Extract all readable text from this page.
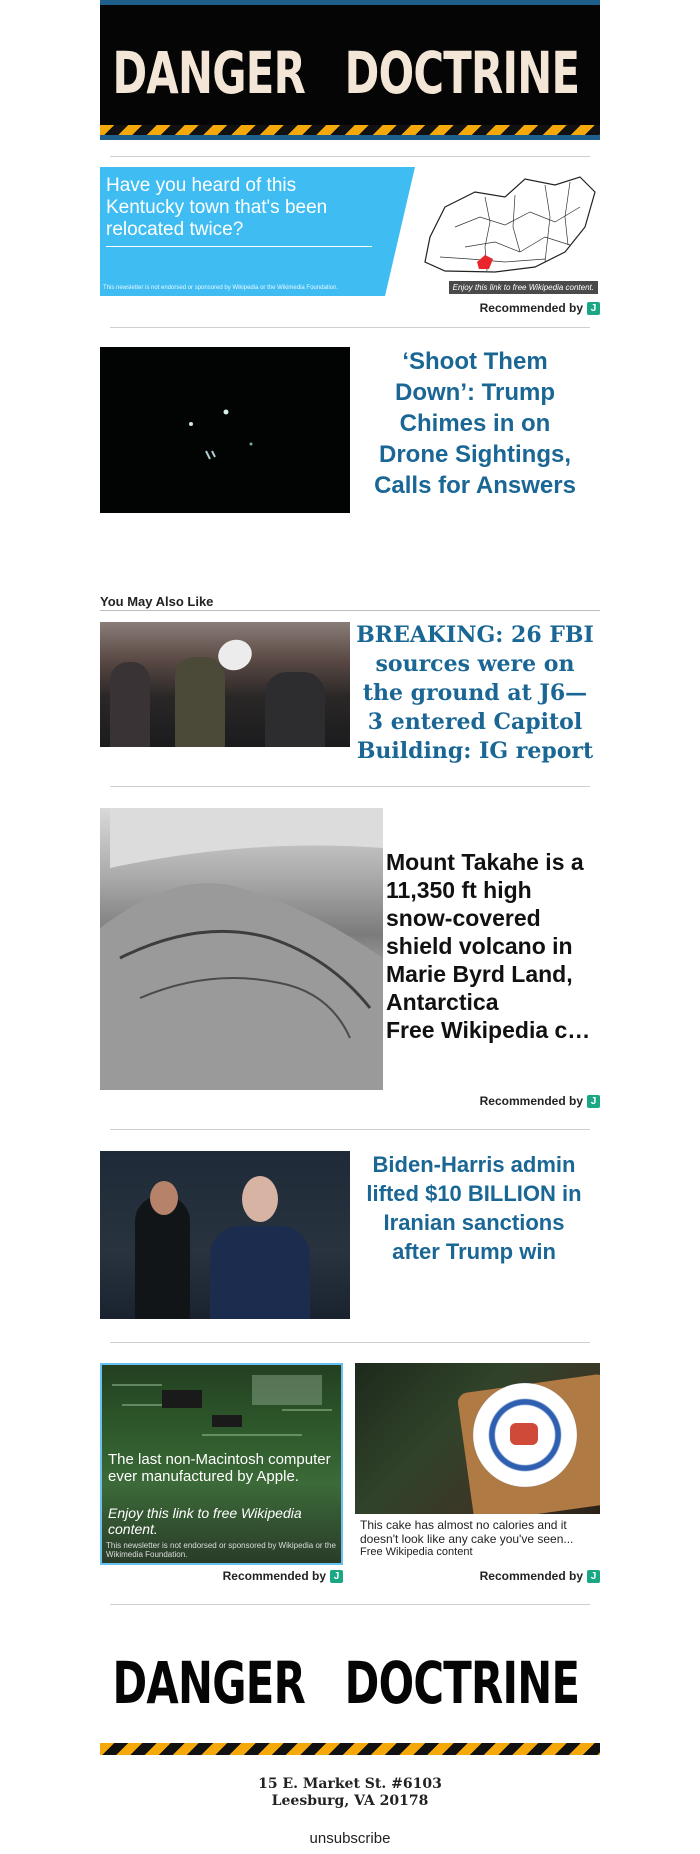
DANGER DOCTRINE
Have you heard of this Kentucky town that's been relocated twice?
This newsletter is not endorsed or sponsored by Wikipedia or the Wikimedia Foundation.	Enjoy this link to free Wikipedia content.
Recommended by J
‘Shoot Them Down’: Trump Chimes in on Drone Sightings, Calls for Answers
You May Also Like
BREAKING: 26 FBI sources were on the ground at J6—3 entered Capitol Building: IG report
Mount Takahe is a 11,350 ft high snow-covered shield volcano in Marie Byrd Land, Antarctica
Free Wikipedia c…
Recommended by J
Biden-Harris admin lifted $10 BILLION in Iranian sanctions after Trump win
The last non-Macintosh computer ever manufactured by Apple.
Enjoy this link to free Wikipedia content.
This newsletter is not endorsed or sponsored by Wikipedia or the Wikimedia Foundation.
Recommended by J
This cake has almost no calories and it doesn't look like any cake you've seen...
Free Wikipedia content
Recommended by J
DANGER DOCTRINE
15 E. Market St. #6103
Leesburg, VA 20178
unsubscribe
